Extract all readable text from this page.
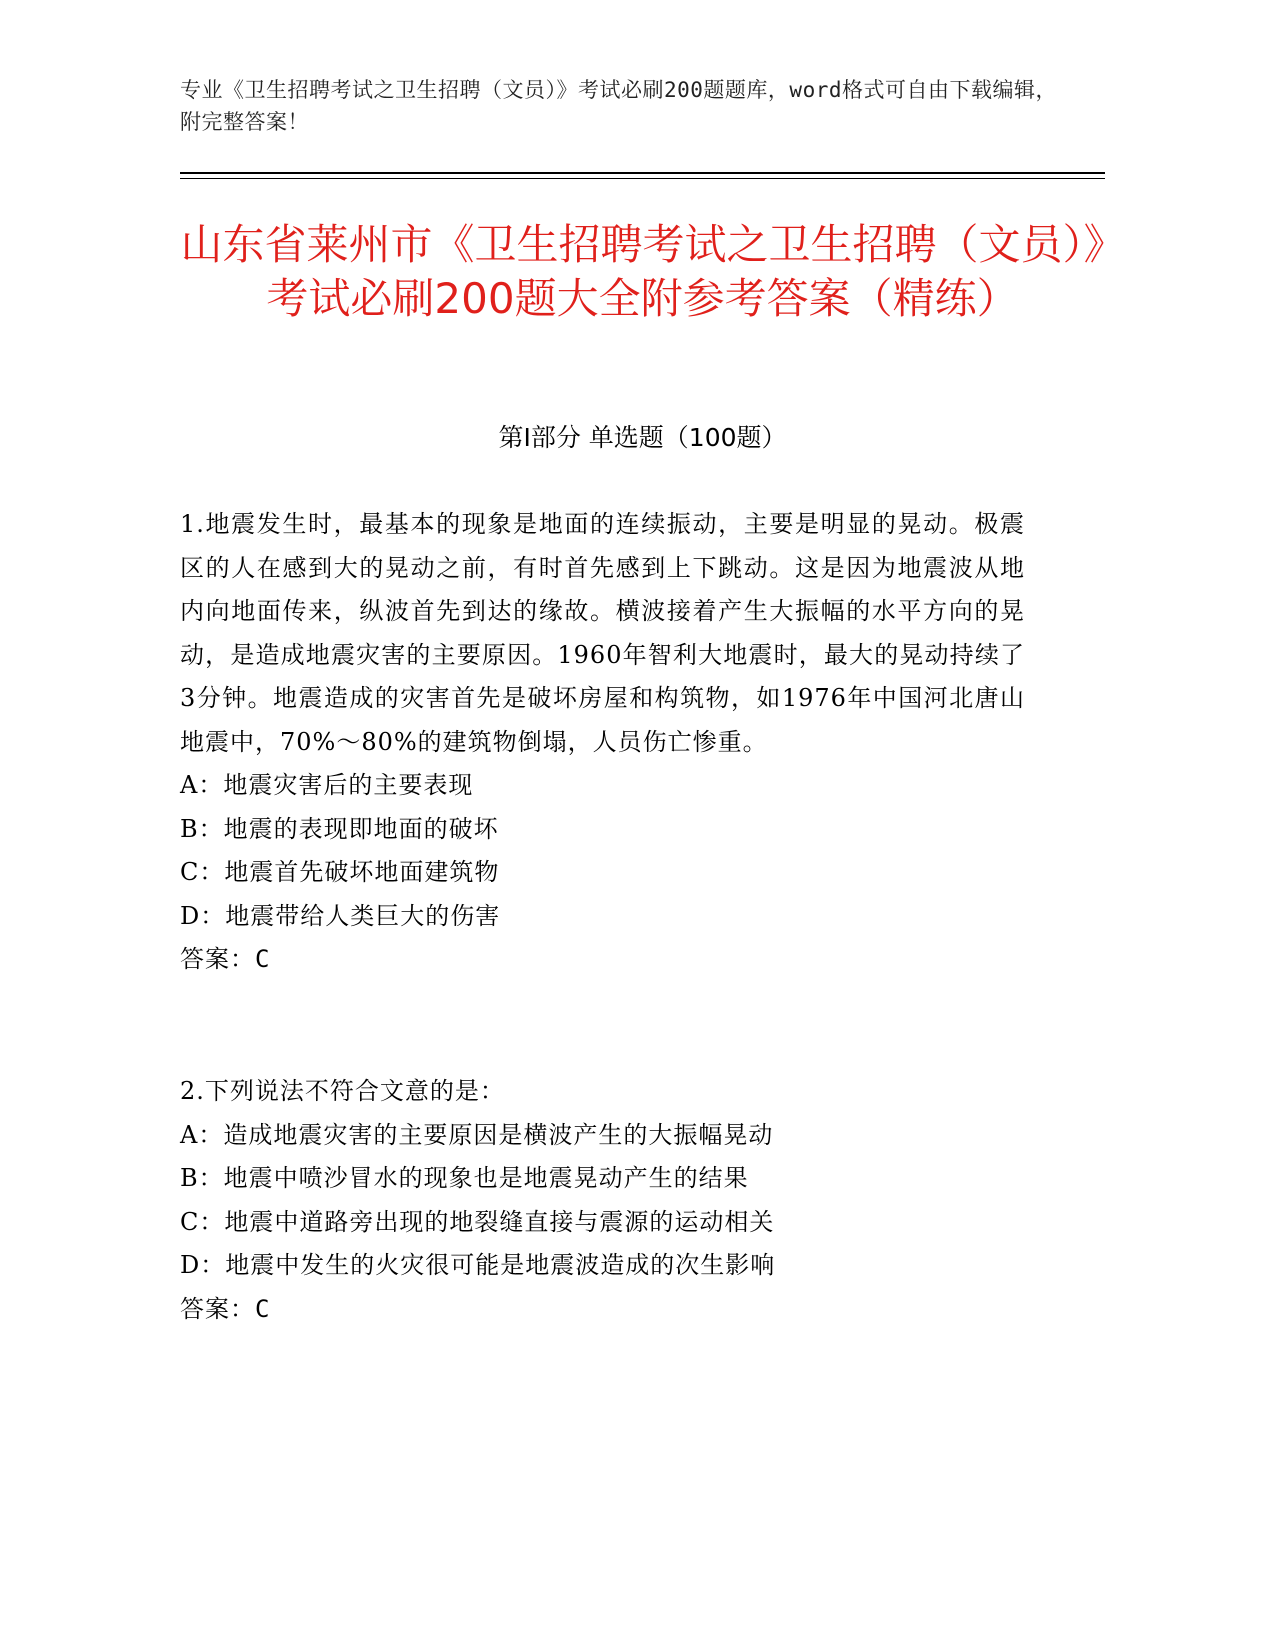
专业《卫生招聘考试之卫生招聘（文员）》考试必刷200题题库，word格式可自由下载编辑，附完整答案！
山东省莱州市《卫生招聘考试之卫生招聘（文员）》考试必刷200题大全附参考答案（精练）
第Ⅰ部分 单选题（100题）
1.地震发生时，最基本的现象是地面的连续振动，主要是明显的晃动。极震区的人在感到大的晃动之前，有时首先感到上下跳动。这是因为地震波从地内向地面传来，纵波首先到达的缘故。横波接着产生大振幅的水平方向的晃动，是造成地震灾害的主要原因。1960年智利大地震时，最大的晃动持续了3分钟。地震造成的灾害首先是破坏房屋和构筑物，如1976年中国河北唐山地震中，70%～80%的建筑物倒塌，人员伤亡惨重。
A：地震灾害后的主要表现
B：地震的表现即地面的破坏
C：地震首先破坏地面建筑物
D：地震带给人类巨大的伤害
答案：C
2.下列说法不符合文意的是：
A：造成地震灾害的主要原因是横波产生的大振幅晃动
B：地震中喷沙冒水的现象也是地震晃动产生的结果
C：地震中道路旁出现的地裂缝直接与震源的运动相关
D：地震中发生的火灾很可能是地震波造成的次生影响
答案：C
